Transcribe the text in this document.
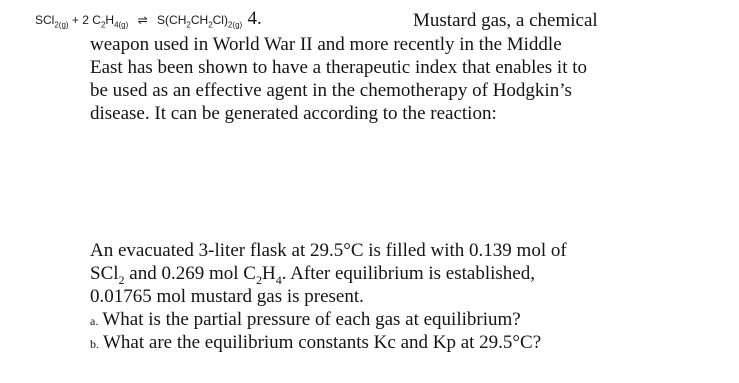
SCl$_{2(g)}$ + 2 $C_2H_{4(g)}$ ⇌ $S(CH_2CH_2Cl)_{2(g)}$ 4.	Mustard gas, a chemical
weapon used in World War II and more recently in the Middle
East has been shown to have a therapeutic index that enables it to
be used as an effective agent in the chemotherapy of Hodgkin’s
disease. It can be generated according to the reaction:
An evacuated 3-liter flask at 29.5°C is filled with 0.139 mol of
SCl$_2$ and 0.269 mol $C_2H_4$. After equilibrium is established,
0.01765 mol mustard gas is present.
a. What is the partial pressure of each gas at equilibrium?
b. What are the equilibrium constants Kc and Kp at 29.5°C?
